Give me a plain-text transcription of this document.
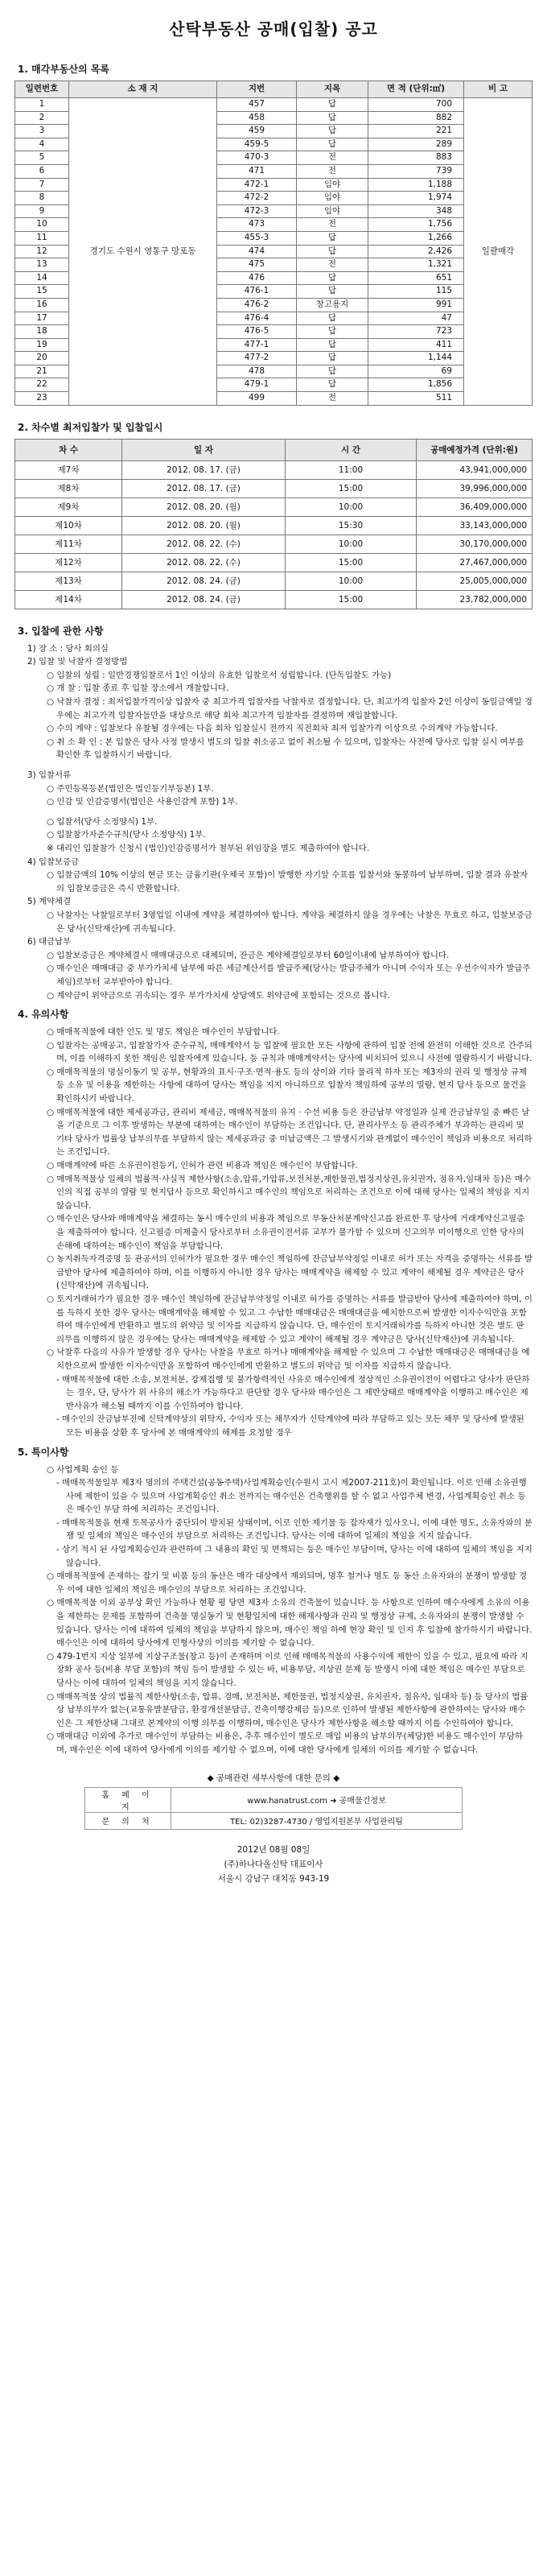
산탁부동산 공매(입찰) 공고
1. 매각부동산의 목록
일련번호	소 재 지	지번	지목	면 적 (단위:㎡)	비 고
1	경기도 수원시 영통구 망포동	457	답	700	일괄매각
2		458	답	882	
3		459	답	221	
4		459-5	답	289	
5		470-3	전	883	
6		471	전	739	
7		472-1	임야	1,188	
8		472-2	임야	1,974	
9		472-3	임야	348	
10		473	전	1,756	
11		455-3	답	1,266	
12		474	답	2,426	
13		475	전	1,321	
14		476	답	651	
15		476-1	답	115	
16		476-2	창고용지	991	
17		476-4	답	47	
18		476-5	답	723	
19		477-1	답	411	
20		477-2	답	1,144	
21		478	답	69	
22		479-1	답	1,856	
23		499	전	511	
2. 차수별 최저입찰가 및 입찰일시
차 수	일 자	시 간	공매예정가격 (단위:원)
제7차	2012. 08. 17. (금)	11:00	43,941,000,000
제8차	2012. 08. 17. (금)	15:00	39,996,000,000
제9차	2012. 08. 20. (월)	10:00	36,409,000,000
제10차	2012. 08. 20. (월)	15:30	33,143,000,000
제11차	2012. 08. 22. (수)	10:00	30,170,000,000
제12차	2012. 08. 22. (수)	15:00	27,467,000,000
제13차	2012. 08. 24. (금)	10:00	25,005,000,000
제14차	2012. 08. 24. (금)	15:00	23,782,000,000
3. 입찰에 관한 사항
1) 장 소 : 당사 회의실
2) 입찰 및 낙찰자 결정방법
○ 입찰의 성립 : 일반경쟁입찰로서 1인 이상의 유효한 입찰로서 성립합니다. (단독입찰도 가능)
○ 개 찰 : 입찰 종료 후 입찰 장소에서 개찰합니다.
○ 낙찰자 결정 : 최저입찰가격이상 입찰자 중 최고가격 입찰자를 낙찰자로 결정합니다. 단, 최고가격 입찰자 2인 이상이 동일금액일 경우에는 최고가격 입찰자들만을 대상으로 해당 회차 최고가격 입찰자를 결정하며 재입찰합니다.
○ 수의 계약 : 입찰보다 유찰될 경우에는 다음 회차 입찰실시 전까지 직전회차 최저 입찰가격 이상으로 수의계약 가능합니다.
○ 취 소 확 인 : 본 입찰은 당사 사정 발생시 별도의 입찰 취소공고 없이 취소될 수 있으며, 입찰자는 사전에 당사로 입찰 실시 여부를 확인한 후 입찰하시기 바랍니다.
3) 입찰서류
○ 주민등록등본(법인은 법인등기부등본) 1부.
○ 인감 및 인감증명서(법인은 사용인감계 포함) 1부.
○ 입찰서(당사 소정양식) 1부.
○ 입찰참가자준수규칙(당사 소정양식) 1부.
※ 대리인 입찰참가 신청시 (법인)인감증명서가 첨부된 위임장을 별도 제출하여야 합니다.
4) 입찰보증금
○ 입찰금액의 10% 이상의 현금 또는 금융기관(우체국 포함)이 발행한 자기앞 수표를 입찰서와 동봉하여 납부하며, 입찰 결과 유찰자의 입찰보증금은 즉시 반환합니다.
5) 계약체결
○ 낙찰자는 낙찰일로부터 3영업일 이내에 계약을 체결하여야 합니다. 계약을 체결하지 않을 경우에는 낙찰은 무효로 하고, 입찰보증금은 당사(신탁재산)에 귀속됩니다.
6) 대금납부
○ 입찰보증금은 계약체결시 매매대금으로 대체되며, 잔금은 계약체결일로부터 60일이내에 납부하여야 합니다.
○ 매수인은 매매대금 중 부가가치세 납부에 따른 세금계산서를 발급주체(당사는 발급주체가 아니며 수익자 또는 우선수익자가 발급주체임)로부터 교부받아야 합니다.
○ 계약금이 위약금으로 귀속되는 경우 부가가치세 상당액도 위약금에 포함되는 것으로 봅니다.
4. 유의사항
○ 매매목적물에 대한 인도 및 명도 책임은 매수인이 부담합니다.
○ 입찰자는 공매공고, 입찰참가자 준수규칙, 매매계약서 등 입찰에 필요한 모든 사항에 관하여 입찰 전에 완전히 이해한 것으로 간주되며, 이를 이해하지 못한 책임은 입찰자에게 있습니다. 등 규칙과 매매계약서는 당사에 비치되어 있으니 사전에 열람하시기 바랍니다.
○ 매매목적물의 명실이동기 및 공부, 현황과의 표시·구조·면적·용도 등의 상이와 기타 물리적 하자 또는 제3자의 권리 및 행정상 규제 등 소유 및 이용을 제한하는 사항에 대하여 당사는 책임을 지지 아니하므로 입찰자 책임하에 공부의 열람, 현지 답사 등으로 물건을 확인하시기 바랍니다.
○ 매매목적물에 대한 제세공과금, 관리비 제세금, 매매목적물의 유지 · 수선 비용 등은 잔금납부 약정일과 실제 잔금납부일 중 빠른 날을 기준으로 그 이후 발생하는 부분에 대하여는 매수인이 부담하는 조건입니다. 단, 관리사무소 등 관리주체가 부과하는 관리비 및 기타 당사가 법률상 납부의무를 부담하지 않는 제세공과금 중 미납금액은 그 발생시기와 관계없이 매수인이 책임과 비용으로 처리하는 조건입니다.
○ 매매계약에 따른 소유권이전등기, 인허가 관련 비용과 책임은 매수인이 부담합니다.
○ 매매목적물상 일체의 법률적·사실적 제한사항(소송,압류,가압류,보전처분,제한물권,법정지상권,유치권자, 점유자,임대차 등)은 매수인의 직접 공부의 열람 및 현지답사 등으로 확인하시고 매수인의 책임으로 처리하는 조건으로 이에 대해 당사는 일체의 책임을 지지 않습니다.
○ 매수인은 당사와 매매계약을 체결하는 동시 매수인의 비용과 책임으로 부동산처분계약신고를 완료한 후 당사에 거래계약신고필증을 제출하여야 합니다. 신고필증 미제출시 당사로부터 소유권이전서류 교부가 불가할 수 있으며 신고의무 미이행으로 인한 당사의 손해에 대하여는 매수인이 책임을 부담합니다.
○ 농지취득자격증명 등 관공서의 인허가가 필요한 경우 매수인 책임하에 잔금납부약정일 이내로 허가 또는 자격을 증명하는 서류를 발급받아 당사에 제출하여야 하며, 이를 이행하지 아니한 경우 당사는 매매계약을 해제할 수 있고 계약이 해제될 경우 계약금은 당사(신탁재산)에 귀속됩니다.
○ 토지거래허가가 필요한 경우 매수인 책임하에 잔금납부약정일 이내로 허가를 증명하는 서류를 발급받아 당사에 제출하여야 하며, 이를 득하지 못한 경우 당사는 매매계약을 해제할 수 있고 그 수납한 매매대금은 매매대금을 예치한으로써 발생한 이자수익만을 포함하여 매수인에게 반환하고 별도의 위약금 및 이자를 지급하지 않습니다. 단, 매수인이 토지거래허가를 득하지 아니한 것은 별도 판 의무를 이행하지 않은 경우에는 당사는 매매계약을 해제할 수 있고 계약이 해제될 경우 계약금은 당사(신탁재산)에 귀속됩니다.
○ 낙찰후 다음의 사유가 발생할 경우 당사는 낙찰을 무효로 하거나 매매계약을 해제할 수 있으며 그 수납한 매매대금은 매매대금을 예치한으로써 발생한 이자수익만을 포함하여 매수인에게 반환하고 별도의 위약금 및 이자를 지급하지 않습니다.
- 매매목적물에 대한 소송, 보전처분, 강제집행 및 불가항력적인 사유로 매수인에게 정상적인 소유권이전이 어렵다고 당사가 판단하는 경우, 단, 당사가 위 사유의 해소가 가능하다고 판단할 경우 당사와 매수인은 그 제반상태로 매매계약을 이행하고 매수인은 제반사유가 해소될 때까지 이를 수인하여야 합니다.
- 매수인의 잔금납부전에 신탁계약상의 위탁자, 수익자 또는 채무자가 신탁계약에 따라 부담하고 있는 모든 채무 및 당사에 발생된 모든 비용을 상환 후 당사에 본 매매계약의 해제를 요청할 경우
5. 특이사항
○ 사업계획 승인 등
- 매매목적물일부 제3자 명의의 주택건설(공동주택)사업계획승인(수원시 고시 제2007-211호)이 확인됩니다. 이로 인해 소유권행사에 제한이 있을 수 있으며 사업계획승인 취소 전까지는 매수인은 건축행위를 할 수 없고 사업주체 변경, 사업계획승인 취소 등은 매수인 부담 하에 처리하는 조건입니다.
- 매매목적물을 현재 토목공사가 중단되어 방치된 상태이며, 이로 인한 제기물 등 잡자재가 있사오니, 이에 대한 명도, 소유자와의 분쟁 및 일체의 책임은 매수인의 부담으로 처리하는 조건입니다. 당사는 이에 대하여 일체의 책임을 지지 않습니다.
- 상기 적시 된 사업계획승인과 관련하여 그 내용의 확인 및 면책되는 등은 매수인 부담이며, 당사는 이에 대하여 일체의 책임을 지지 않습니다.
○ 매매목적물에 존재하는 잡기 및 비품 등의 동산은 매각 대상에서 제외되며, 명후 철거나 명도 등 동산 소유자와의 분쟁이 발생할 경우 이에 대한 일체의 책임은 매수인의 부담으로 처리하는 조건입니다.
○ 매매목적물 이외 공부상 확인 가능하나 현황 평 당면 제3자 소유의 건축물이 있습니다. 등 사항으로 인하여 매수자에게 소유의 이용을 제한하는 문제를 포함하여 건축물 명실동기 및 현황일치에 대한 해제사항과 권리 및 행정상 규제, 소유자와의 분쟁이 발생할 수 있습니다. 당사는 이에 대하여 일체의 책임을 부담하지 않으며, 매수인 책임 하에 현장 확인 및 인지 후 입찰에 참가하시기 바랍니다. 매수인은 이에 대하여 당사에게 민형사상의 이의를 제기할 수 없습니다.
○ 479-1번지 지상 일부에 지상구조물(창고 등)이 존재하며 이로 인해 매매목적물의 사용수익에 제한이 있을 수 있고, 필요에 따라 지장화 공사 등(비용 부담 포함)의 책임 등이 발생할 수 있는 바, 비용부담, 지상권 문제 등 발생시 이에 대한 책임은 매수인 부담으로 당사는 이에 대하여 일체의 책임을 지지 않습니다.
○ 매매목적물 상의 법률적 제한사항(소송, 압류, 경매, 보전처분, 제한물권, 법정지상권, 유치권자, 점유자, 임대차 등) 등 당사의 법률상 납부의무가 없는(교통유발분담금, 환경개선분담금, 건축이행강제금 등)으로 인하여 발생된 제한사항에 관한하여는 당사와 매수인은 그 제한상태 그대로 본계약의 이행 의무를 이행하며, 매수인은 당사가 제한사항을 해소할 때까지 이를 수인하여야 합니다.
○ 매매대금 이외에 추가로 매수인이 부담하는 비용은, 추후 매수인이 별도로 매입 비용의 납부의무(체당)한 비용도 매수인이 부담하며, 매수인은 이에 대하여 당사에게 이의를 제기할 수 없으며, 이에 대한 당사에게 일체의 이의를 제기할 수 없습니다.
◆ 공매관련 세부사항에 대한 문의 ◆
홈 페 이 지	www.hanatrust.com ➜ 공매물건정보
문 의 처	TEL: 02)3287-4730 / 영업지원본부 사업관리팀
2012년 08월 08일
(주)하나다올신탁 대표이사
서울시 강남구 대치동 943-19
